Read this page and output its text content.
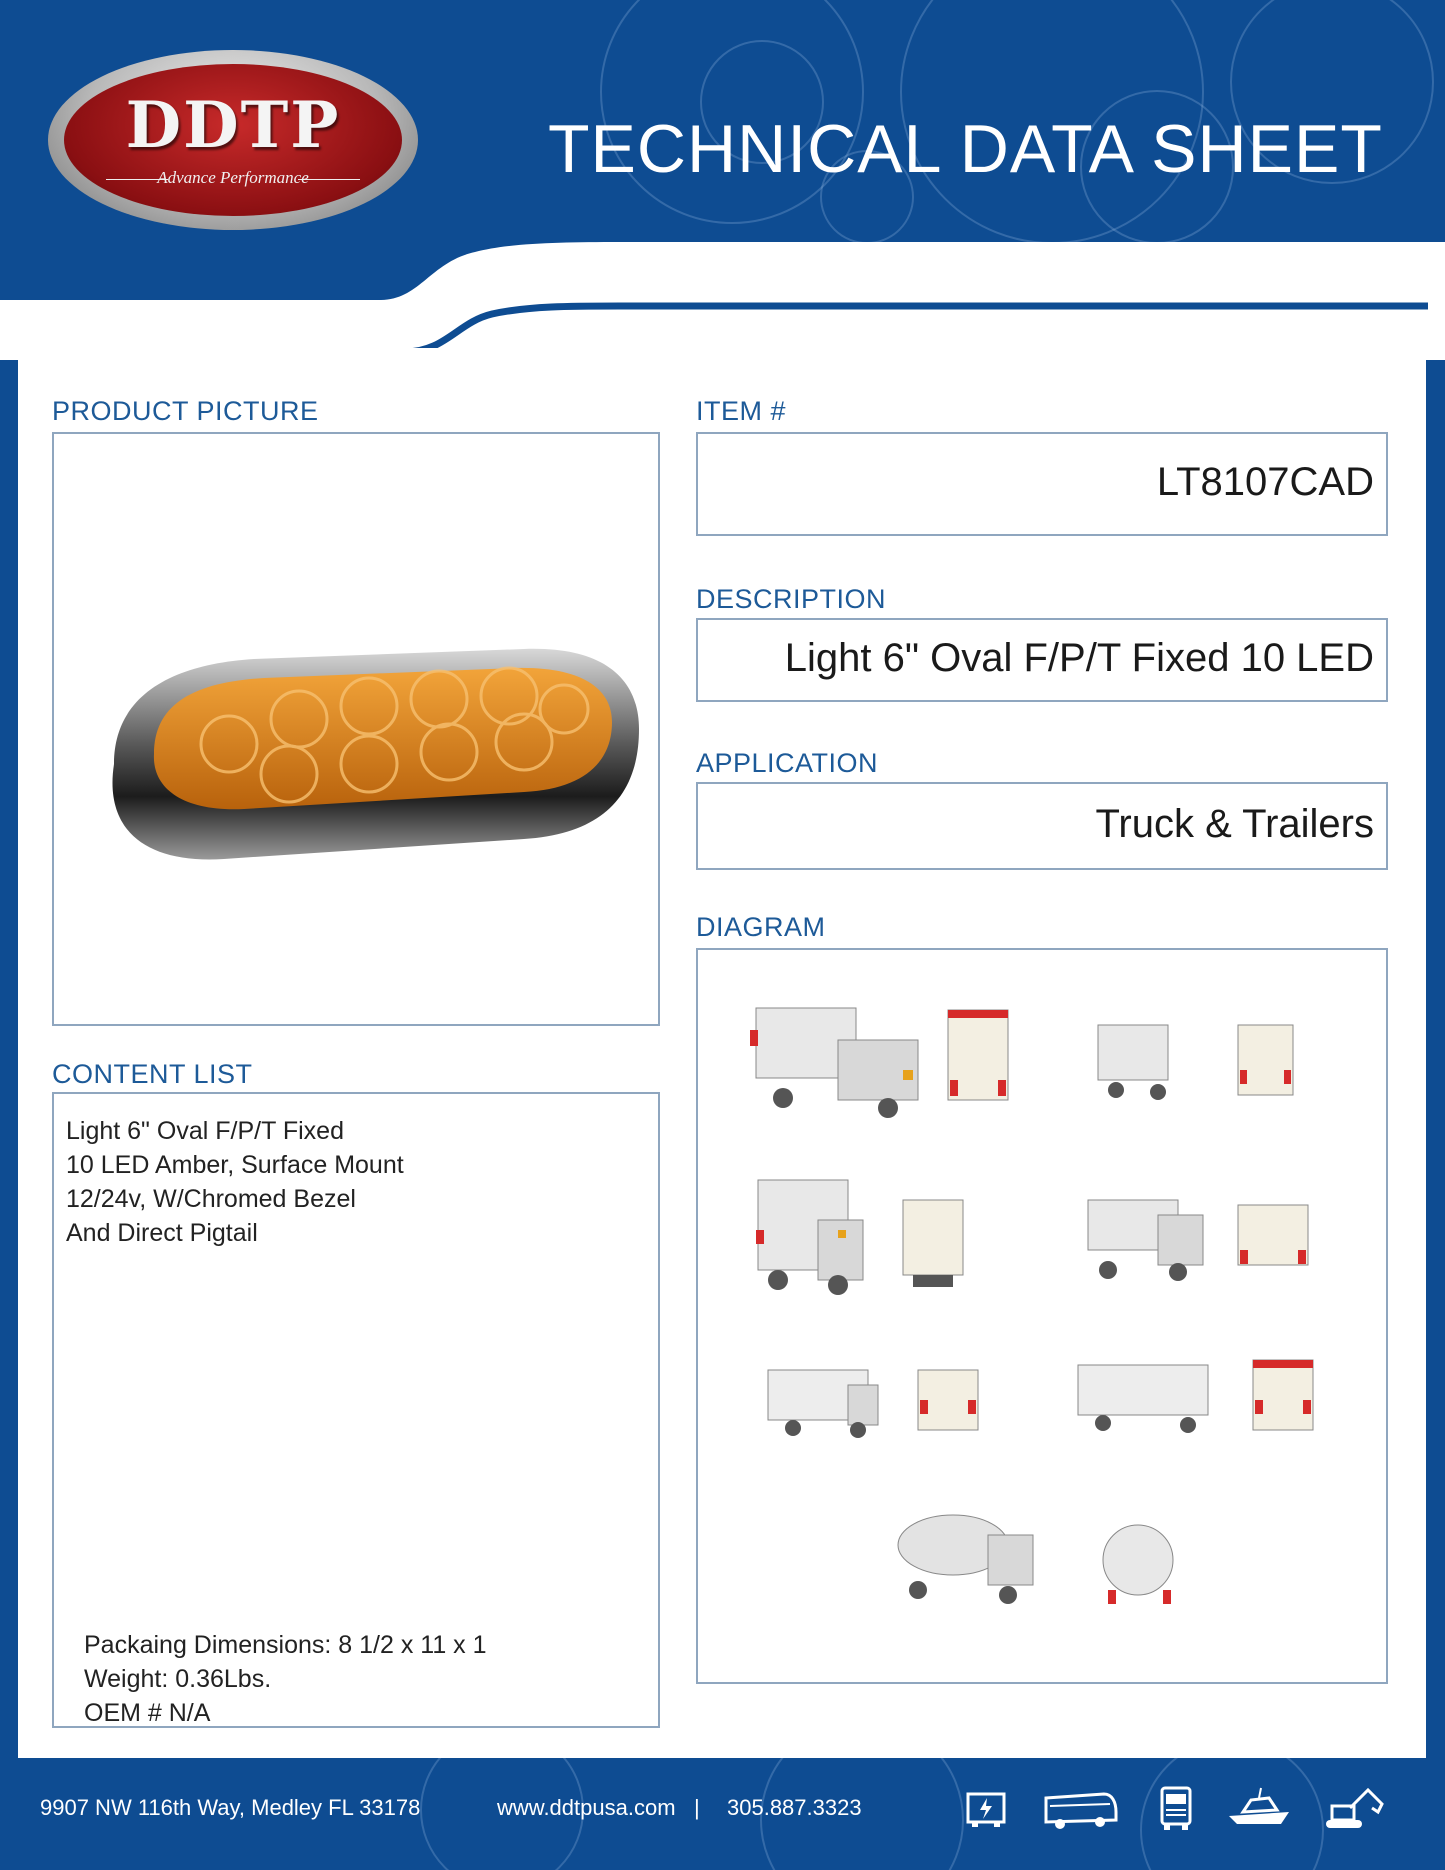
DDTP
Advance Performance	TECHNICAL DATA SHEET
PRODUCT PICTURE
CONTENT LIST
Light 6" Oval F/P/T Fixed
10 LED Amber, Surface Mount
12/24v, W/Chromed Bezel
And Direct Pigtail
Packaing Dimensions: 8 1/2 x 11 x 1
Weight: 0.36Lbs.
OEM # N/A
ITEM #
LT8107CAD
DESCRIPTION
Light 6" Oval F/P/T Fixed 10 LED
APPLICATION
Truck & Trailers
DIAGRAM
9907 NW 116th Way, Medley FL 33178	www.ddtpusa.com | 305.887.3323
